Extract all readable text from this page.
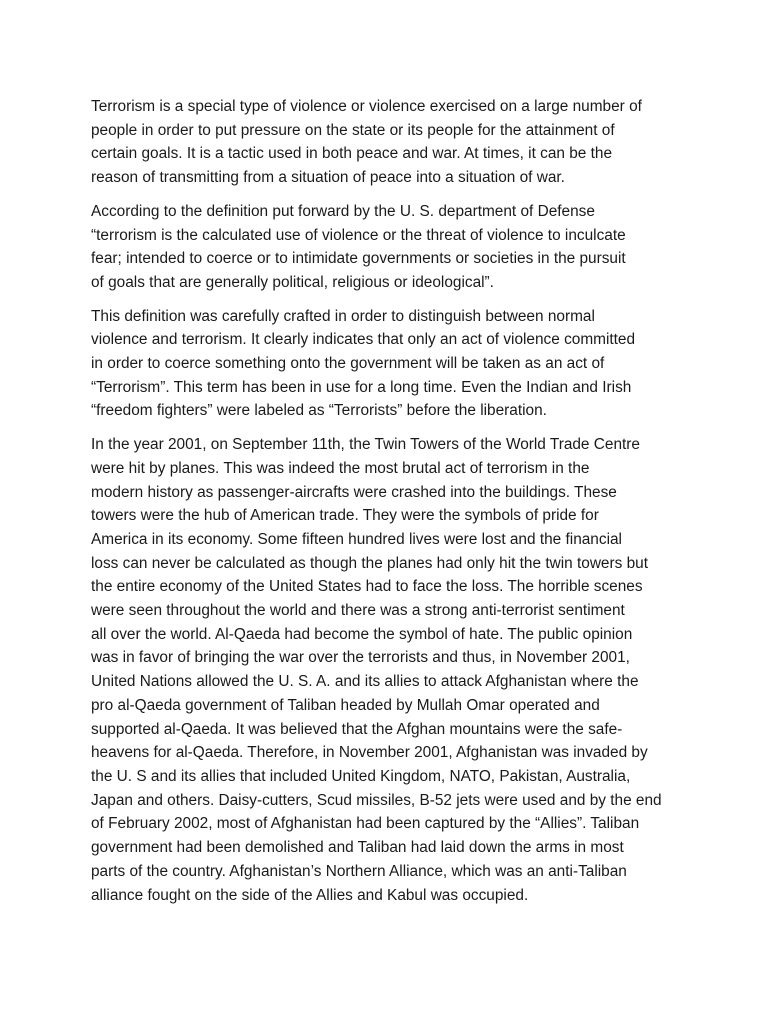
Terrorism is a special type of violence or violence exercised on a large number of
people in order to put pressure on the state or its people for the attainment of
certain goals. It is a tactic used in both peace and war. At times, it can be the
reason of transmitting from a situation of peace into a situation of war.

According to the definition put forward by the U. S. department of Defense
“terrorism is the calculated use of violence or the threat of violence to inculcate
fear; intended to coerce or to intimidate governments or societies in the pursuit
of goals that are generally political, religious or ideological”.

This definition was carefully crafted in order to distinguish between normal
violence and terrorism. It clearly indicates that only an act of violence committed
in order to coerce something onto the government will be taken as an act of
“Terrorism”. This term has been in use for a long time. Even the Indian and Irish
“freedom fighters” were labeled as “Terrorists” before the liberation.

In the year 2001, on September 11th, the Twin Towers of the World Trade Centre
were hit by planes. This was indeed the most brutal act of terrorism in the
modern history as passenger-aircrafts were crashed into the buildings. These
towers were the hub of American trade. They were the symbols of pride for
America in its economy. Some fifteen hundred lives were lost and the financial
loss can never be calculated as though the planes had only hit the twin towers but
the entire economy of the United States had to face the loss. The horrible scenes
were seen throughout the world and there was a strong anti-terrorist sentiment
all over the world. Al-Qaeda had become the symbol of hate. The public opinion
was in favor of bringing the war over the terrorists and thus, in November 2001,
United Nations allowed the U. S. A. and its allies to attack Afghanistan where the
pro al-Qaeda government of Taliban headed by Mullah Omar operated and
supported al-Qaeda. It was believed that the Afghan mountains were the safe-
heavens for al-Qaeda. Therefore, in November 2001, Afghanistan was invaded by
the U. S and its allies that included United Kingdom, NATO, Pakistan, Australia,
Japan and others. Daisy-cutters, Scud missiles, B-52 jets were used and by the end
of February 2002, most of Afghanistan had been captured by the “Allies”. Taliban
government had been demolished and Taliban had laid down the arms in most
parts of the country. Afghanistan’s Northern Alliance, which was an anti-Taliban
alliance fought on the side of the Allies and Kabul was occupied.
